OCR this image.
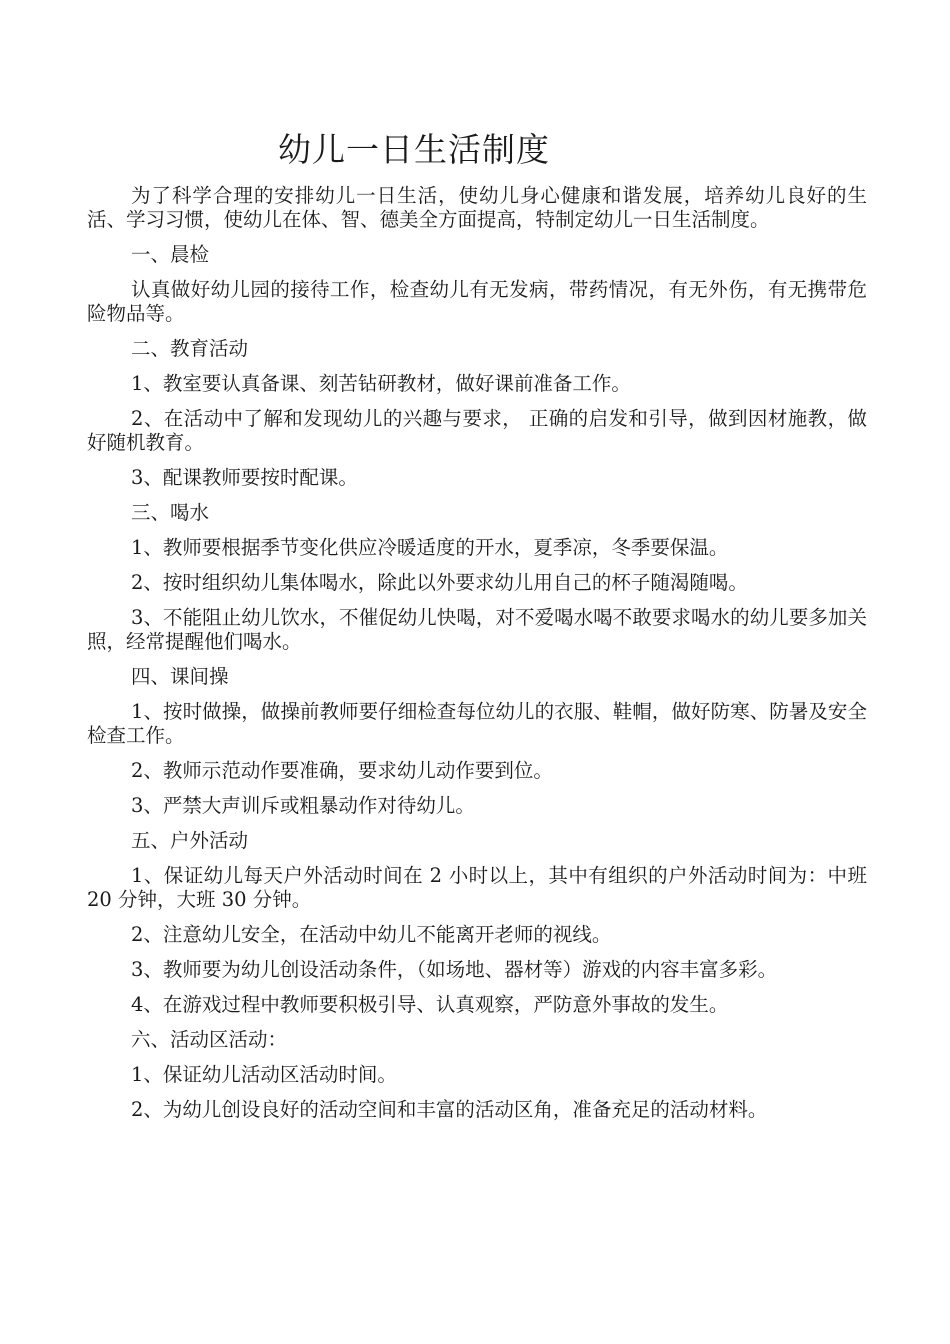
幼儿一日生活制度

为了科学合理的安排幼儿一日生活，使幼儿身心健康和谐发展，培养幼儿良好的生活、学习习惯，使幼儿在体、智、德美全方面提高，特制定幼儿一日生活制度。

一、晨检

认真做好幼儿园的接待工作，检查幼儿有无发病，带药情况，有无外伤，有无携带危险物品等。

二、教育活动

1、教室要认真备课、刻苦钻研教材，做好课前准备工作。

2、在活动中了解和发现幼儿的兴趣与要求， 正确的启发和引导，做到因材施教，做好随机教育。

3、配课教师要按时配课。

三、喝水

1、教师要根据季节变化供应冷暖适度的开水，夏季凉，冬季要保温。

2、按时组织幼儿集体喝水，除此以外要求幼儿用自己的杯子随渴随喝。

3、不能阻止幼儿饮水，不催促幼儿快喝，对不爱喝水喝不敢要求喝水的幼儿要多加关照，经常提醒他们喝水。

四、课间操

1、按时做操，做操前教师要仔细检查每位幼儿的衣服、鞋帽，做好防寒、防暑及安全检查工作。

2、教师示范动作要准确，要求幼儿动作要到位。

3、严禁大声训斥或粗暴动作对待幼儿。

五、户外活动

1、保证幼儿每天户外活动时间在 2 小时以上，其中有组织的户外活动时间为：中班 20 分钟，大班 30 分钟。

2、注意幼儿安全，在活动中幼儿不能离开老师的视线。

3、教师要为幼儿创设活动条件，（如场地、器材等）游戏的内容丰富多彩。

4、在游戏过程中教师要积极引导、认真观察，严防意外事故的发生。

六、活动区活动：

1、保证幼儿活动区活动时间。

2、为幼儿创设良好的活动空间和丰富的活动区角，准备充足的活动材料。
